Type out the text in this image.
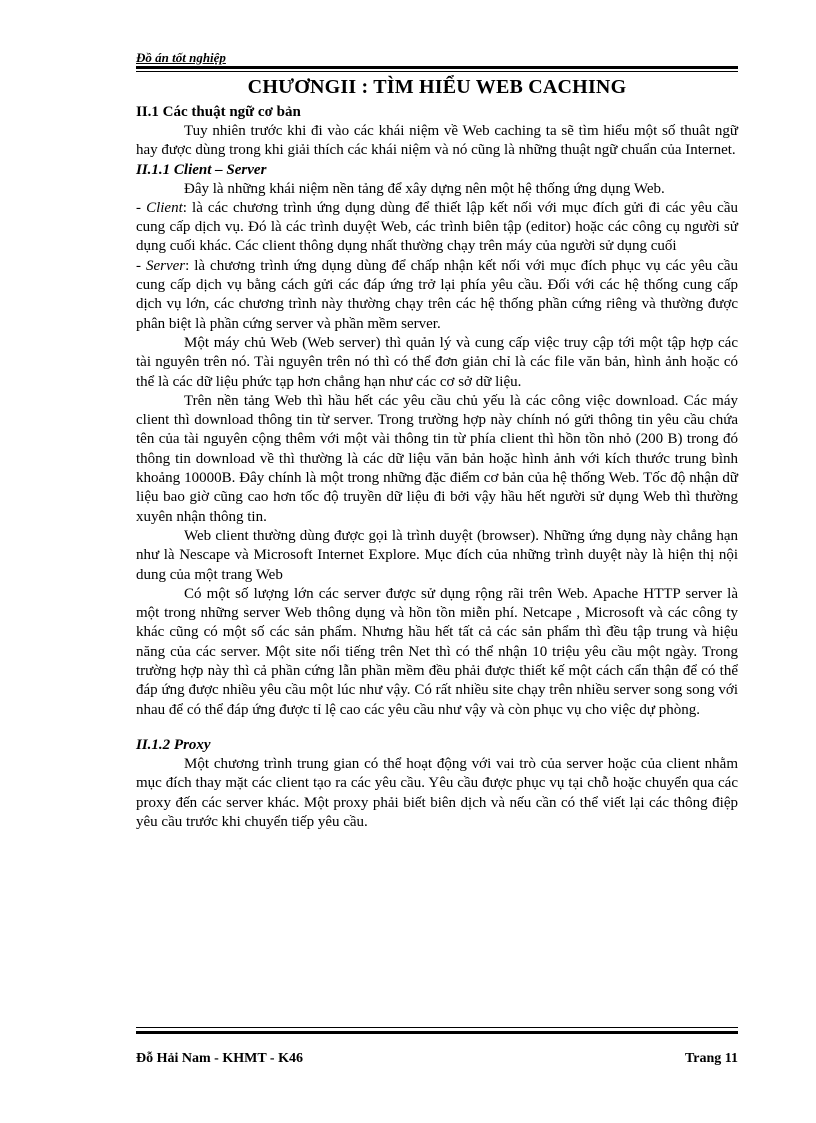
Đồ án tốt nghiệp
CHƯƠNGII : TÌM HIỂU WEB CACHING
II.1 Các thuật ngữ cơ bản

Tuy nhiên trước khi đi vào các khái niệm về Web caching ta sẽ tìm hiểu một số thuât ngữ hay được dùng trong khi giải thích các khái niệm và nó cũng là những thuật ngữ chuẩn của Internet.

II.1.1 Client – Server

Đây là những khái niệm nền tảng để xây dựng nên một hệ thống ứng dụng Web.

- Client: là các chương trình ứng dụng dùng để thiết lập kết nối với mục đích gửi đi các yêu cầu cung cấp dịch vụ. Đó là các trình duyệt Web, các trình biên tập (editor) hoặc các công cụ người sử dụng cuối khác. Các client thông dụng nhất thường chạy trên máy của người sử dụng cuối

- Server: là chương trình ứng dụng dùng để chấp nhận kết nối với mục đích phục vụ các yêu cầu cung cấp dịch vụ bằng cách gửi các đáp ứng trở lại phía yêu cầu. Đối với các hệ thống cung cấp dịch vụ lớn, các chương trình này thường chạy trên các hệ thống phần cứng riêng và thường được phân biệt là phần cứng server và phần mềm server.

Một máy chủ Web (Web server) thì quản lý và cung cấp việc truy cập tới một tập hợp các tài nguyên trên nó. Tài nguyên trên nó thì có thể đơn giản chỉ là các file văn bản, hình ảnh hoặc có thể là các dữ liệu phức tạp hơn chẳng hạn như các cơ sở dữ liệu.

Trên nền tảng Web thì hầu hết các yêu cầu chủ yếu là các công việc download. Các máy client thì download thông tin từ server. Trong trường hợp này chính nó gửi thông tin yêu cầu chứa tên của tài nguyên cộng thêm với một vài thông tin từ phía client thì hồn tồn nhỏ (200 B) trong đó thông tin download về thì thường là các dữ liệu văn bản hoặc hình ảnh với kích thước trung bình khoảng 10000B. Đây chính là một trong những đặc điểm cơ bản của hệ thống Web. Tốc độ nhận dữ liệu bao giờ cũng cao hơn tốc độ truyền dữ liệu đi bởi vậy hầu hết người sử dụng Web thì thường xuyên nhận thông tin.

Web client thường dùng được gọi là trình duyệt (browser). Những ứng dụng này chẳng hạn như là Nescape và Microsoft Internet Explore. Mục đích của những trình duyệt này là hiện thị nội dung của một trang Web

Có một số lượng lớn các server được sử dụng rộng rãi trên Web. Apache HTTP server là một trong những server Web thông dụng và hồn tồn miễn phí. Netcape , Microsoft và các công ty khác cũng có một số các sản phẩm. Nhưng hầu hết tất cả các sản phẩm thì đều tập trung và hiệu năng của các server. Một site nổi tiếng trên Net thì có thể nhận 10 triệu yêu cầu một ngày. Trong trường hợp này thì cả phần cứng lẫn phần mềm đều phải được thiết kế một cách cẩn thận để có thể đáp ứng được nhiều yêu cầu một lúc như vậy. Có rất nhiều site chạy trên nhiều server song song với nhau để có thể đáp ứng được tỉ lệ cao các yêu cầu như vậy và còn phục vụ cho việc dự phòng.

II.1.2 Proxy

Một chương trình trung gian có thể hoạt động với vai trò của server hoặc của client nhằm mục đích thay mặt các client tạo ra các yêu cầu. Yêu cầu được phục vụ tại chỗ hoặc chuyển qua các proxy đến các server khác. Một proxy phải biết biên dịch và nếu cần có thể viết lại các thông điệp yêu cầu trước khi chuyển tiếp yêu cầu.

Đỗ Hải Nam - KHMT - K46	Trang 11
